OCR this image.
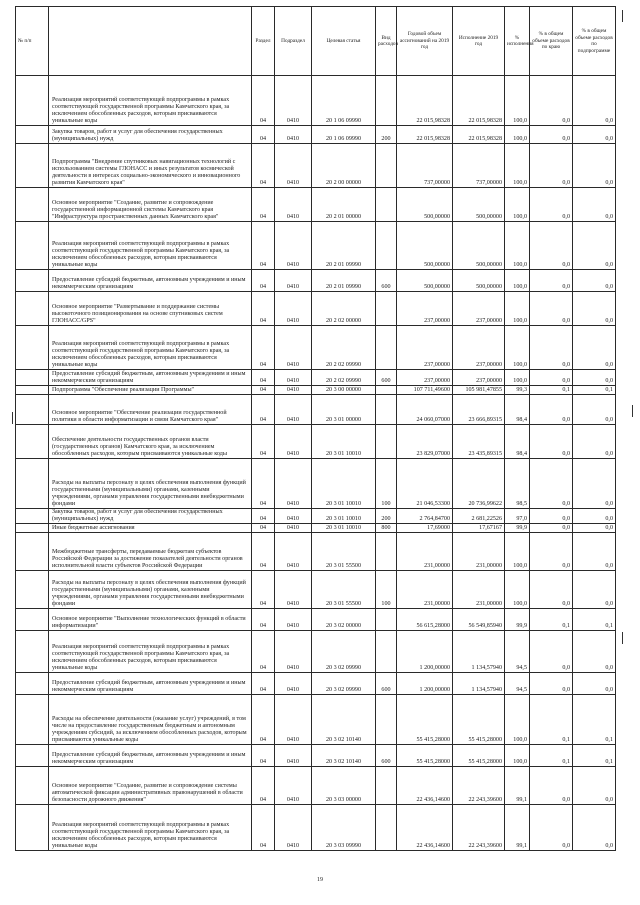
№ п/п		Раздел	Подраздел	Целевая статья	Вид расходов	Годовой объем ассигнований на 2019 год	Исполнение 2019 год	% исполнения	% в общем объеме расходов по краю	% в общем объеме расходов по подпрограмме
	Реализация мероприятий соответствующей подпрограммы в рамках соответствующей государственной программы Камчатского края, за исключением обособленных расходов, которым присваиваются уникальные коды	04	0410	20 1 06 09990		22 015,98328	22 015,98328	100,0	0,0	0,0
	Закупка товаров, работ и услуг для обеспечения государственных (муниципальных) нужд	04	0410	20 1 06 09990	200	22 015,98328	22 015,98328	100,0	0,0	0,0
	Подпрограмма "Внедрение спутниковых навигационных технологий с использованием системы ГЛОНАСС и иных результатов космической деятельности в интересах социально-экономического и инновационного развития Камчатского края"	04	0410	20 2 00 00000		737,00000	737,00000	100,0	0,0	0,0
	Основное мероприятие "Создание, развитие и сопровождение государственной информационной системы Камчатского края "Инфраструктура пространственных данных Камчатского края"	04	0410	20 2 01 00000		500,00000	500,00000	100,0	0,0	0,0
	Реализация мероприятий соответствующей подпрограммы в рамках соответствующей государственной программы Камчатского края, за исключением обособленных расходов, которым присваиваются уникальные коды	04	0410	20 2 01 09990		500,00000	500,00000	100,0	0,0	0,0
	Предоставление субсидий бюджетным, автономным учреждениям и иным некоммерческим организациям	04	0410	20 2 01 09990	600	500,00000	500,00000	100,0	0,0	0,0
	Основное мероприятие "Развертывание и поддержание системы высокоточного позиционирования на основе спутниковых систем ГЛОНАСС/GPS"	04	0410	20 2 02 00000		237,00000	237,00000	100,0	0,0	0,0
	Реализация мероприятий соответствующей подпрограммы в рамках соответствующей государственной программы Камчатского края, за исключением обособленных расходов, которым присваиваются уникальные коды	04	0410	20 2 02 09990		237,00000	237,00000	100,0	0,0	0,0
	Предоставление субсидий бюджетным, автономным учреждениям и иным некоммерческим организациям	04	0410	20 2 02 09990	600	237,00000	237,00000	100,0	0,0	0,0
	Подпрограмма "Обеспечение реализации Программы"	04	0410	20 3 00 00000		107 711,49600	105 981,47855	99,3	0,1	0,1
	Основное мероприятие "Обеспечение реализации государственной политики в области информатизации и связи Камчатского края"	04	0410	20 3 01 00000		24 060,07000	23 666,89315	98,4	0,0	0,0
	Обеспечение деятельности государственных органов власти (государственных органов) Камчатского края, за исключением обособленных расходов, которым присваиваются уникальные коды	04	0410	20 3 01 10010		23 829,07000	23 435,89315	98,4	0,0	0,0
	Расходы на выплаты персоналу в целях обеспечения выполнения функций государственными (муниципальными) органами, казенными учреждениями, органами управления государственными внебюджетными фондами	04	0410	20 3 01 10010	100	21 046,53300	20 736,99622	98,5	0,0	0,0
	Закупка товаров, работ и услуг для обеспечения государственных (муниципальных) нужд	04	0410	20 3 01 10010	200	2 764,84700	2 681,22526	97,0	0,0	0,0
	Иные бюджетные ассигнования	04	0410	20 3 01 10010	800	17,69000	17,67167	99,9	0,0	0,0
	Межбюджетные трансферты, передаваемые бюджетам субъектов Российской Федерации за достижение показателей деятельности органов исполнительной власти субъектов Российской Федерации	04	0410	20 3 01 55500		231,00000	231,00000	100,0	0,0	0,0
	Расходы на выплаты персоналу в целях обеспечения выполнения функций государственными (муниципальными) органами, казенными учреждениями, органами управления государственными внебюджетными фондами	04	0410	20 3 01 55500	100	231,00000	231,00000	100,0	0,0	0,0
	Основное мероприятие "Выполнение технологических функций в области информатизации"	04	0410	20 3 02 00000		56 615,28000	56 549,85940	99,9	0,1	0,1
	Реализация мероприятий соответствующей подпрограммы в рамках соответствующей государственной программы Камчатского края, за исключением обособленных расходов, которым присваиваются уникальные коды	04	0410	20 3 02 09990		1 200,00000	1 134,57940	94,5	0,0	0,0
	Предоставление субсидий бюджетным, автономным учреждениям и иным некоммерческим организациям	04	0410	20 3 02 09990	600	1 200,00000	1 134,57940	94,5	0,0	0,0
	Расходы на обеспечение деятельности (оказание услуг) учреждений, в том числе на предоставление государственным бюджетным и автономным учреждениям субсидий, за исключением обособленных расходов, которым присваиваются уникальные коды	04	0410	20 3 02 10140		55 415,28000	55 415,28000	100,0	0,1	0,1
	Предоставление субсидий бюджетным, автономным учреждениям и иным некоммерческим организациям	04	0410	20 3 02 10140	600	55 415,28000	55 415,28000	100,0	0,1	0,1
	Основное мероприятие "Создание, развитие и сопровождение системы автоматической фиксации административных правонарушений в области безопасности дорожного движения"	04	0410	20 3 03 00000		22 436,14600	22 243,39600	99,1	0,0	0,0
	Реализация мероприятий соответствующей подпрограммы в рамках соответствующей государственной программы Камчатского края, за исключением обособленных расходов, которым присваиваются уникальные коды	04	0410	20 3 03 09990		22 436,14600	22 243,39600	99,1	0,0	0,0
19
